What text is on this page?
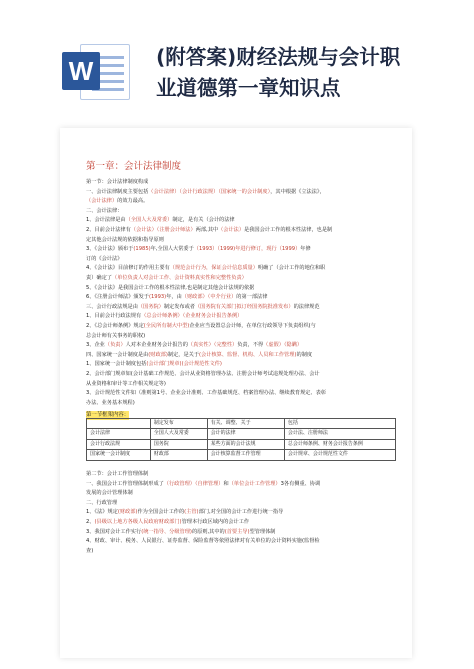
W	(附答案)财经法规与会计职
业道德第一章知识点
第一章：会计法律制度
第一节：会计法律制度构成
一、会计法律制度主要包括（会计法律）（会计行政法规）（国家统一的会计制度），其中根据《立法法》，
（会计法律）的效力最高。
二、会计法律：
1、会计法律是由（全国人大及常委）制定，是有关（会计的法律
2、目前会计法律有（会计法）（注册会计师法）两部,其中（会计法）是我国会计工作的根本性法律，也是制
定其他会计法规的依据和指导原则
3、《会计法》颁布于(1985)年,全国人大常委于（1993）（1999)年进行修订，现行（1999）年修
订的《会计法》
4、《会计法》目前修订的作用主要有（规范会计行为，保证会计信息质量）明确了（会计工作的地位和职
责）确定了（单位负责人对会计工作、会计资料真实性和完整性负责）
5、《会计法》是我国会计工作的根本性法律,也是制定其他会计法规的依据
6、《注册会计师法》颁发于(1993)年，由（财政部）（中介行业）的第一部法律
三、会计行政法规是由（国务院）制定发布或者（国务院有关部门拟订经国务院批准发布）的法律规范
1、目前会计行政法规有（总会计师条例）（企业财务会计报告条例）
2、《总会计师条例》规定(全民所有制大中型)企业应当设置总会计师，在单位行政领导下负责组织(与
总会计师有关事务的职权)
3、企业（负责）人对本企业财务会计报告的（真实性）（完整性）负责，不得（虚假）（隐瞒）
四、国家统一会计制度是由(财政部)制定，是关于(会计核算、监督、机构、人员和工作管理)的制度
1、国家统一会计制度包括(会计部门规章)(会计规范性文件)
2、会计部门规章如(会计基础工作规范、会计从业资格管理办法、注册会计师考试违规处理办法、会计
从业资格和审计等工作相关规定等)
3、会计规范性文件如（准则第1号、企业会计准则、工作基础规范、档案管理办法、继续教育规定、表彰
办法、业务基本规程)
第一节框架内容：
	制定发布	有关、调整、关于	包括
会计法律	全国人大及常委	会计的法律	会计法、注册师法
会计行政法规	国务院	某些方面的会计法规	总会计师条例、财务会计报告条例
国家统一会计制度	财政部	会计核算监督工作管理	会计规章、会计规范性文件
第二节：会计工作管理体制
一、我国会计工作管理体制形成了（行政管理）（自律管理）和（单位会计工作管理）3各有侧重、协调
发展的会计管理体制
二、行政管理
1、《法》规定(财政部)作为全国会计工作的(主管)部门,对全国的会计工作进行统一指导
2、(县级以上地方各级人民政府财政部门)管理本行政区域内的会计工作
3、我国对会计工作实行(统一指导、分级管理)的原则,其中的(首要主导)型管理体制
4、财政、审计、税务、人民银行、证券监督、保险监督等依照法律对有关单位的会计资料实施(监督检
查)
